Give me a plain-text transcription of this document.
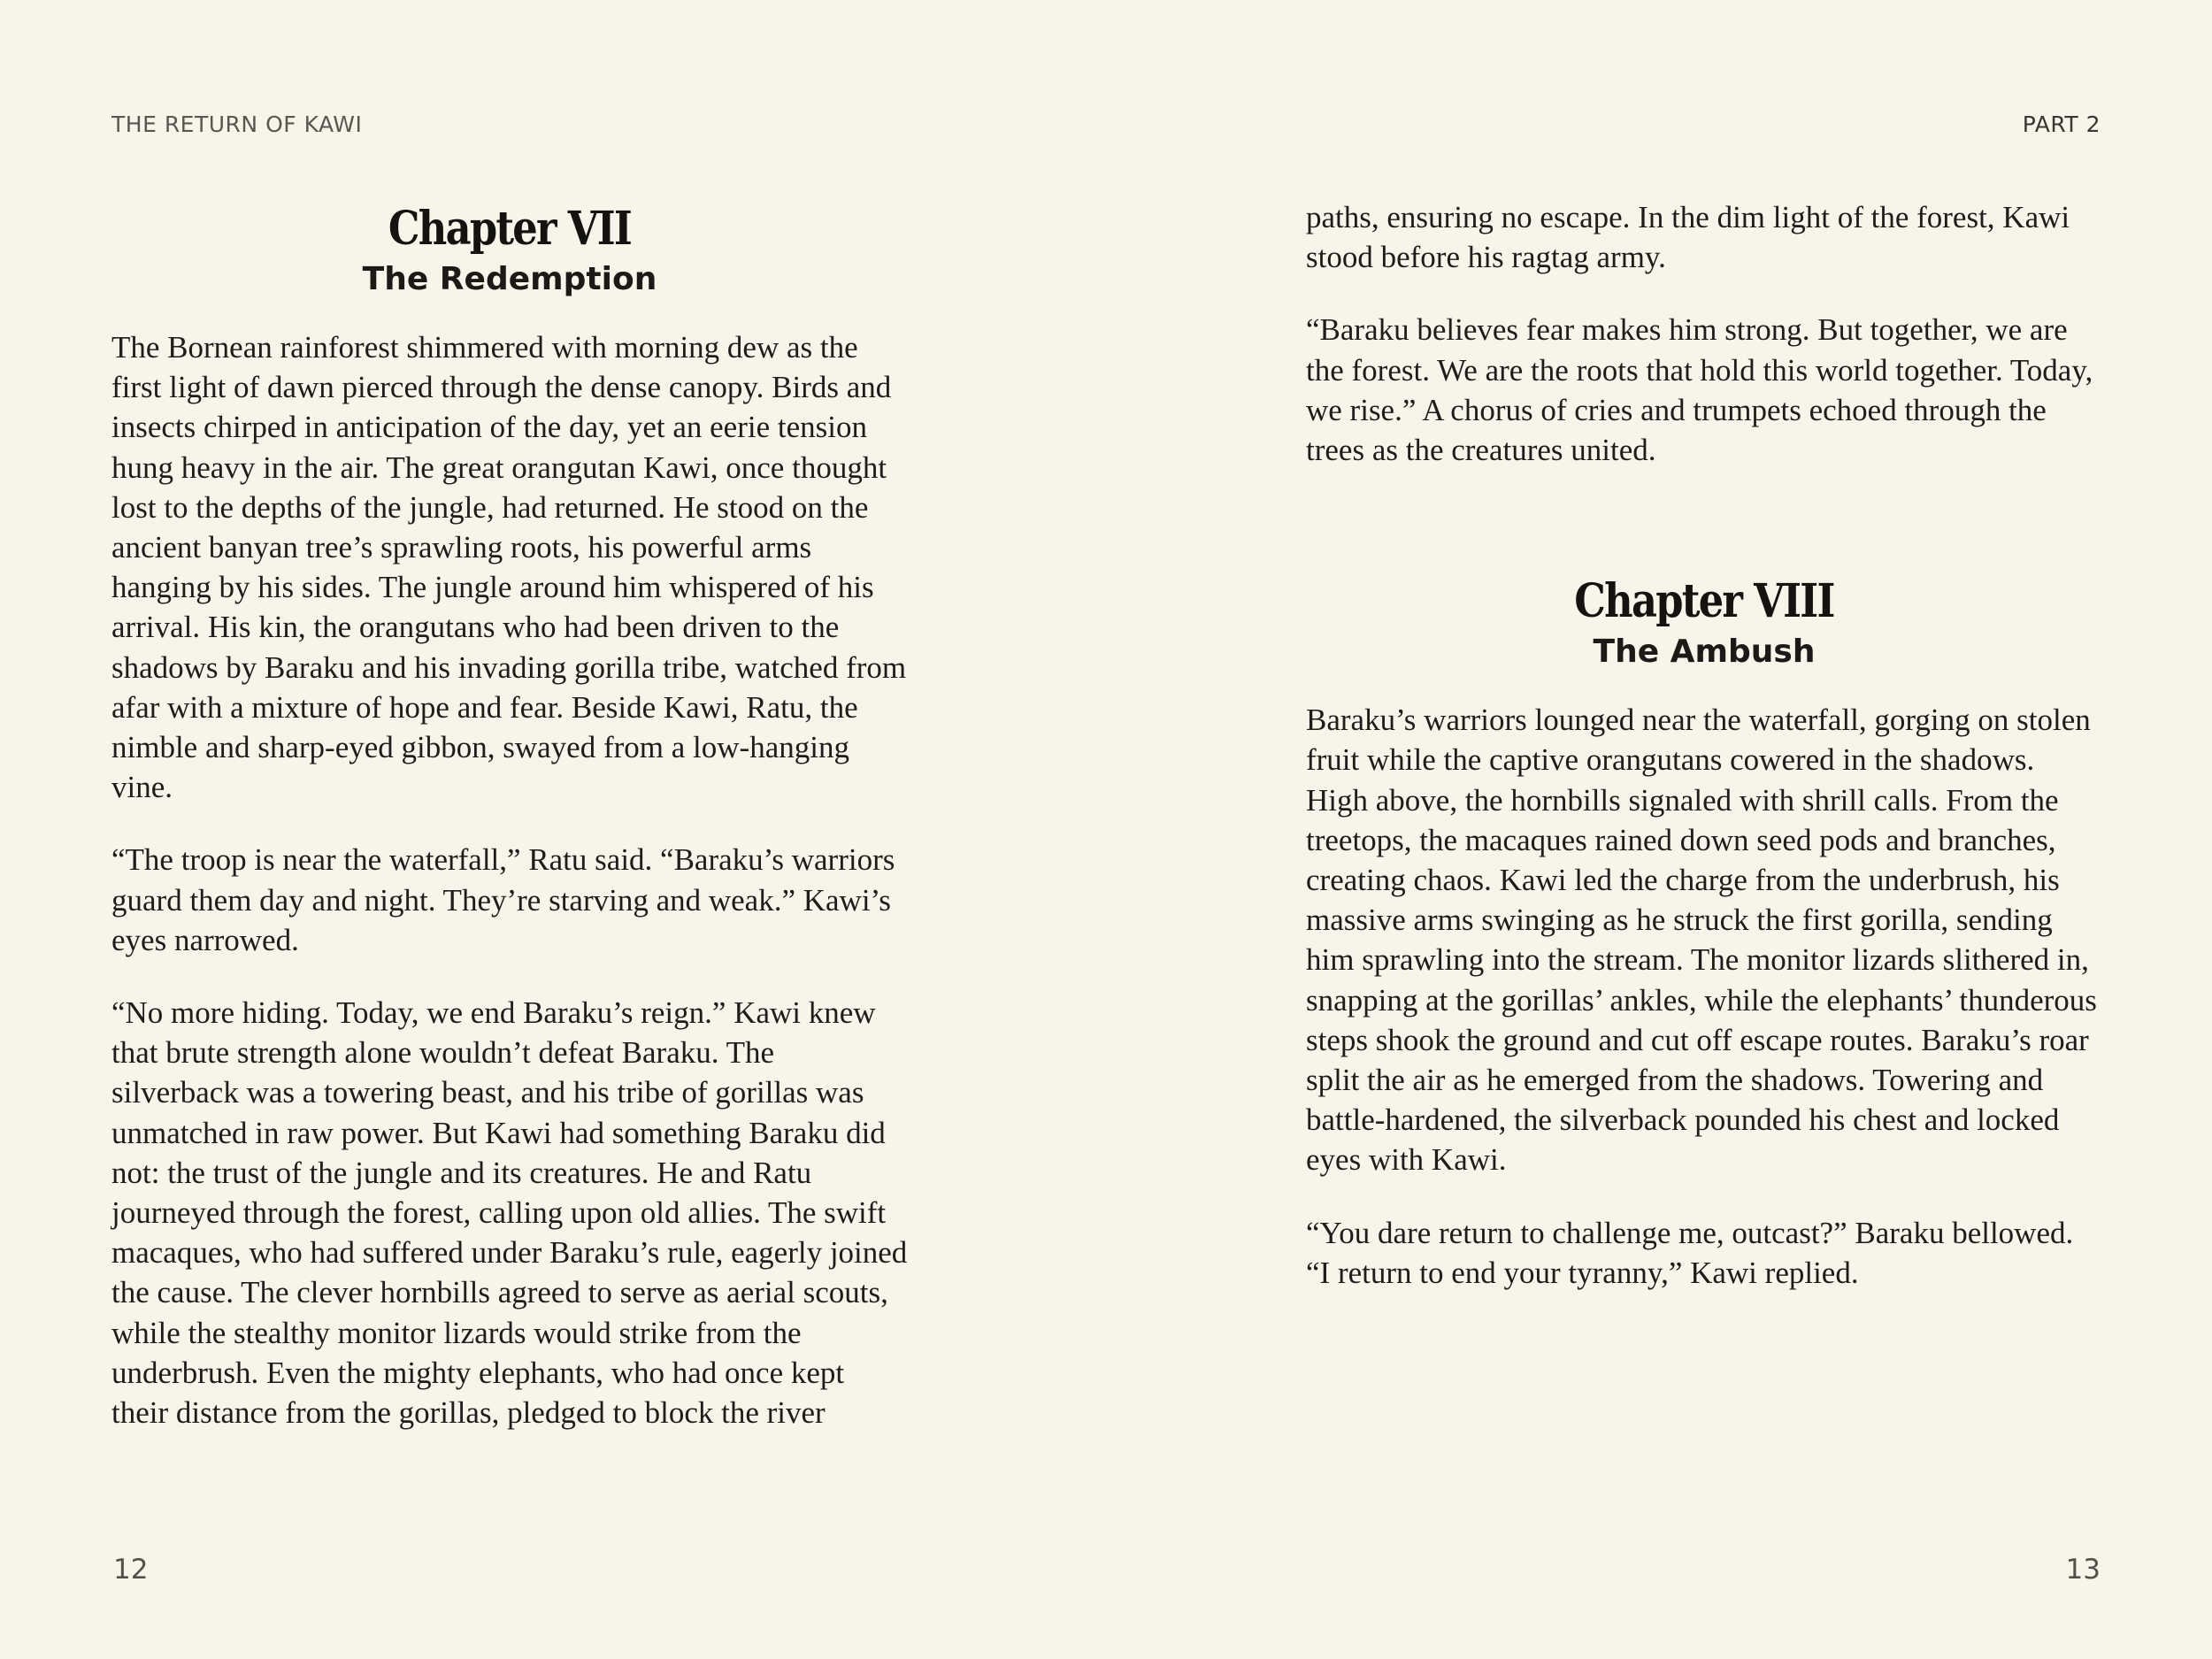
THE RETURN OF KAWI
Chapter VII
The Redemption

The Bornean rainforest shimmered with morning dew as the first light of dawn pierced through the dense canopy. Birds and insects chirped in anticipation of the day, yet an eerie tension hung heavy in the air. The great orangutan Kawi, once thought lost to the depths of the jungle, had returned. He stood on the ancient banyan tree’s sprawling roots, his powerful arms hanging by his sides. The jungle around him whispered of his arrival. His kin, the orangutans who had been driven to the shadows by Baraku and his invading gorilla tribe, watched from afar with a mixture of hope and fear. Beside Kawi, Ratu, the nimble and sharp-eyed gibbon, swayed from a low-hanging vine.

“The troop is near the waterfall,” Ratu said. “Baraku’s warriors guard them day and night. They’re starving and weak.” Kawi’s eyes narrowed.

“No more hiding. Today, we end Baraku’s reign.” Kawi knew that brute strength alone wouldn’t defeat Baraku. The silverback was a towering beast, and his tribe of gorillas was unmatched in raw power. But Kawi had something Baraku did not: the trust of the jungle and its creatures. He and Ratu journeyed through the forest, calling upon old allies. The swift macaques, who had suffered under Baraku’s rule, eagerly joined the cause. The clever hornbills agreed to serve as aerial scouts, while the stealthy monitor lizards would strike from the underbrush. Even the mighty elephants, who had once kept their distance from the gorillas, pledged to block the river

12
PART 2

paths, ensuring no escape. In the dim light of the forest, Kawi stood before his ragtag army.

“Baraku believes fear makes him strong. But together, we are the forest. We are the roots that hold this world together. Today, we rise.” A chorus of cries and trumpets echoed through the trees as the creatures united.

Chapter VIII
The Ambush

Baraku’s warriors lounged near the waterfall, gorging on stolen fruit while the captive orangutans cowered in the shadows. High above, the hornbills signaled with shrill calls. From the treetops, the macaques rained down seed pods and branches, creating chaos. Kawi led the charge from the underbrush, his massive arms swinging as he struck the first gorilla, sending him sprawling into the stream. The monitor lizards slithered in, snapping at the gorillas’ ankles, while the elephants’ thunderous steps shook the ground and cut off escape routes. Baraku’s roar split the air as he emerged from the shadows. Towering and battle-hardened, the silverback pounded his chest and locked eyes with Kawi.

“You dare return to challenge me, outcast?” Baraku bellowed. “I return to end your tyranny,” Kawi replied.

13
